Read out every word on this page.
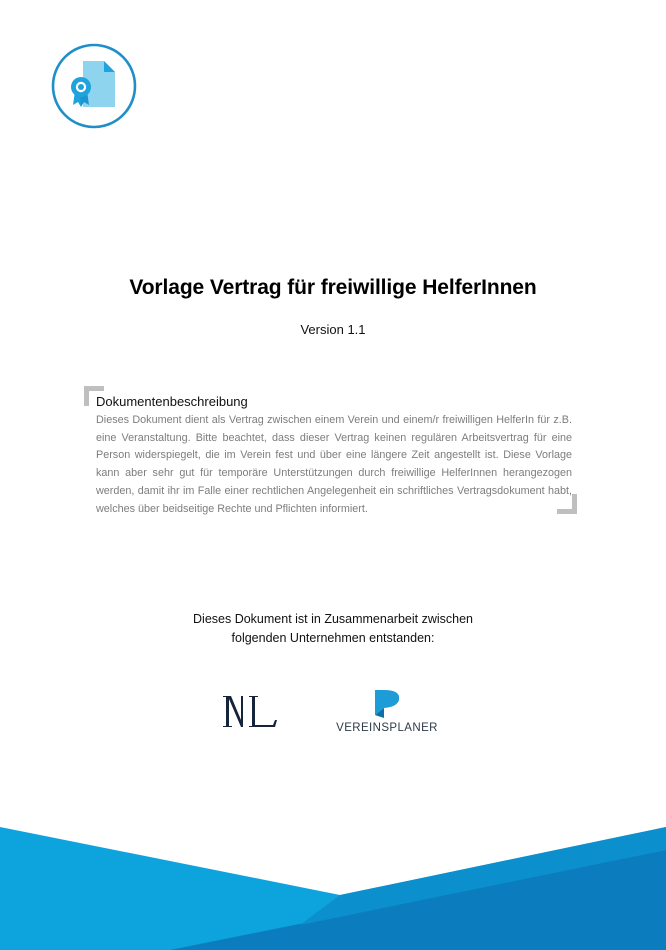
Vorlage Vertrag für freiwillige HelferInnen
Version 1.1
Dokumentenbeschreibung

Dieses Dokument dient als Vertrag zwischen einem Verein und einem/r freiwilligen HelferIn für z.B. eine Veranstaltung. Bitte beachtet, dass dieser Vertrag keinen regulären Arbeitsvertrag für eine Person widerspiegelt, die im Verein fest und über eine längere Zeit angestellt ist. Diese Vorlage kann aber sehr gut für temporäre Unterstützungen durch freiwillige HelferInnen herangezogen werden, damit ihr im Falle einer rechtlichen Angelegenheit ein schriftliches Vertragsdokument habt, welches über beidseitige Rechte und Pflichten informiert.

Dieses Dokument ist in Zusammenarbeit zwischen
folgenden Unternehmen entstanden:
VEREINSPLANER
